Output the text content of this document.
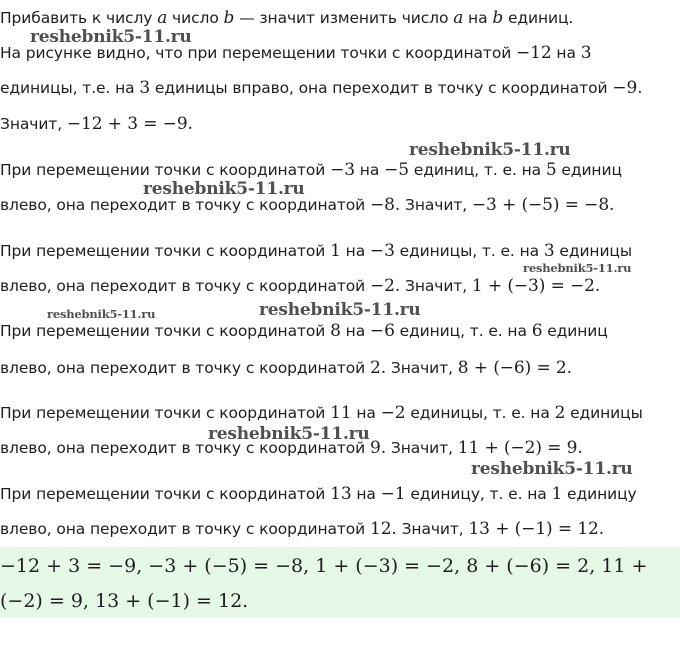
Прибавить к числу a число b — значит изменить число a на b единиц.
На рисунке видно, что при перемещении точки с координатой −12 на 3
единицы, т.е. на 3 единицы вправо, она переходит в точку с координатой −9.
Значит, −12 + 3 = −9.
При перемещении точки с координатой −3 на −5 единиц, т. е. на 5 единиц
влево, она переходит в точку с координатой −8. Значит, −3 + (−5) = −8.
При перемещении точки с координатой 1 на −3 единицы, т. е. на 3 единицы
влево, она переходит в точку с координатой −2. Значит, 1 + (−3) = −2.
При перемещении точки с координатой 8 на −6 единиц, т. е. на 6 единиц
влево, она переходит в точку с координатой 2. Значит, 8 + (−6) = 2.
При перемещении точки с координатой 11 на −2 единицы, т. е. на 2 единицы
влево, она переходит в точку с координатой 9. Значит, 11 + (−2) = 9.
При перемещении точки с координатой 13 на −1 единицу, т. е. на 1 единицу
влево, она переходит в точку с координатой 12. Значит, 13 + (−1) = 12.
−12 + 3 = −9, −3 + (−5) = −8, 1 + (−3) = −2, 8 + (−6) = 2, 11 +
(−2) = 9, 13 + (−1) = 12.
reshebnik5-11.ru
reshebnik5-11.ru
reshebnik5-11.ru
reshebnik5-11.ru
reshebnik5-11.ru
reshebnik5-11.ru
reshebnik5-11.ru
reshebnik5-11.ru
